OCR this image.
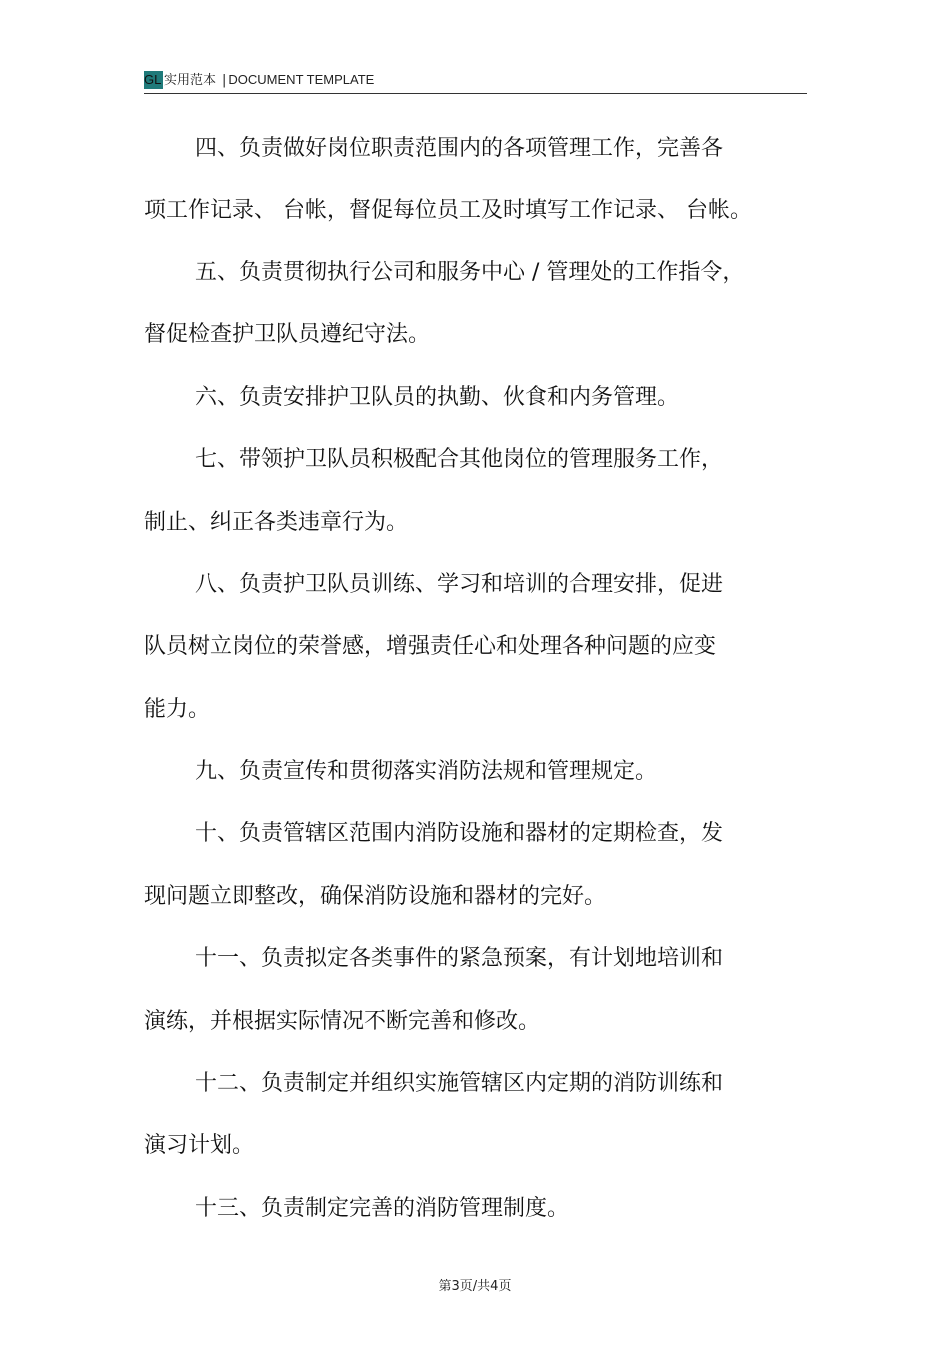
GL 实用范本 | DOCUMENT TEMPLATE
四、负责做好岗位职责范围内的各项管理工作，完善各
项工作记录、 台帐，督促每位员工及时填写工作记录、 台帐。
五、负责贯彻执行公司和服务中心 / 管理处的工作指令，
督促检查护卫队员遵纪守法。
六、负责安排护卫队员的执勤、伙食和内务管理。
七、带领护卫队员积极配合其他岗位的管理服务工作，
制止、纠正各类违章行为。
八、负责护卫队员训练、学习和培训的合理安排，促进
队员树立岗位的荣誉感，增强责任心和处理各种问题的应变
能力。
九、负责宣传和贯彻落实消防法规和管理规定。
十、负责管辖区范围内消防设施和器材的定期检查，发
现问题立即整改，确保消防设施和器材的完好。
十一、负责拟定各类事件的紧急预案，有计划地培训和
演练，并根据实际情况不断完善和修改。
十二、负责制定并组织实施管辖区内定期的消防训练和
演习计划。
十三、负责制定完善的消防管理制度。
第3页/共4页
